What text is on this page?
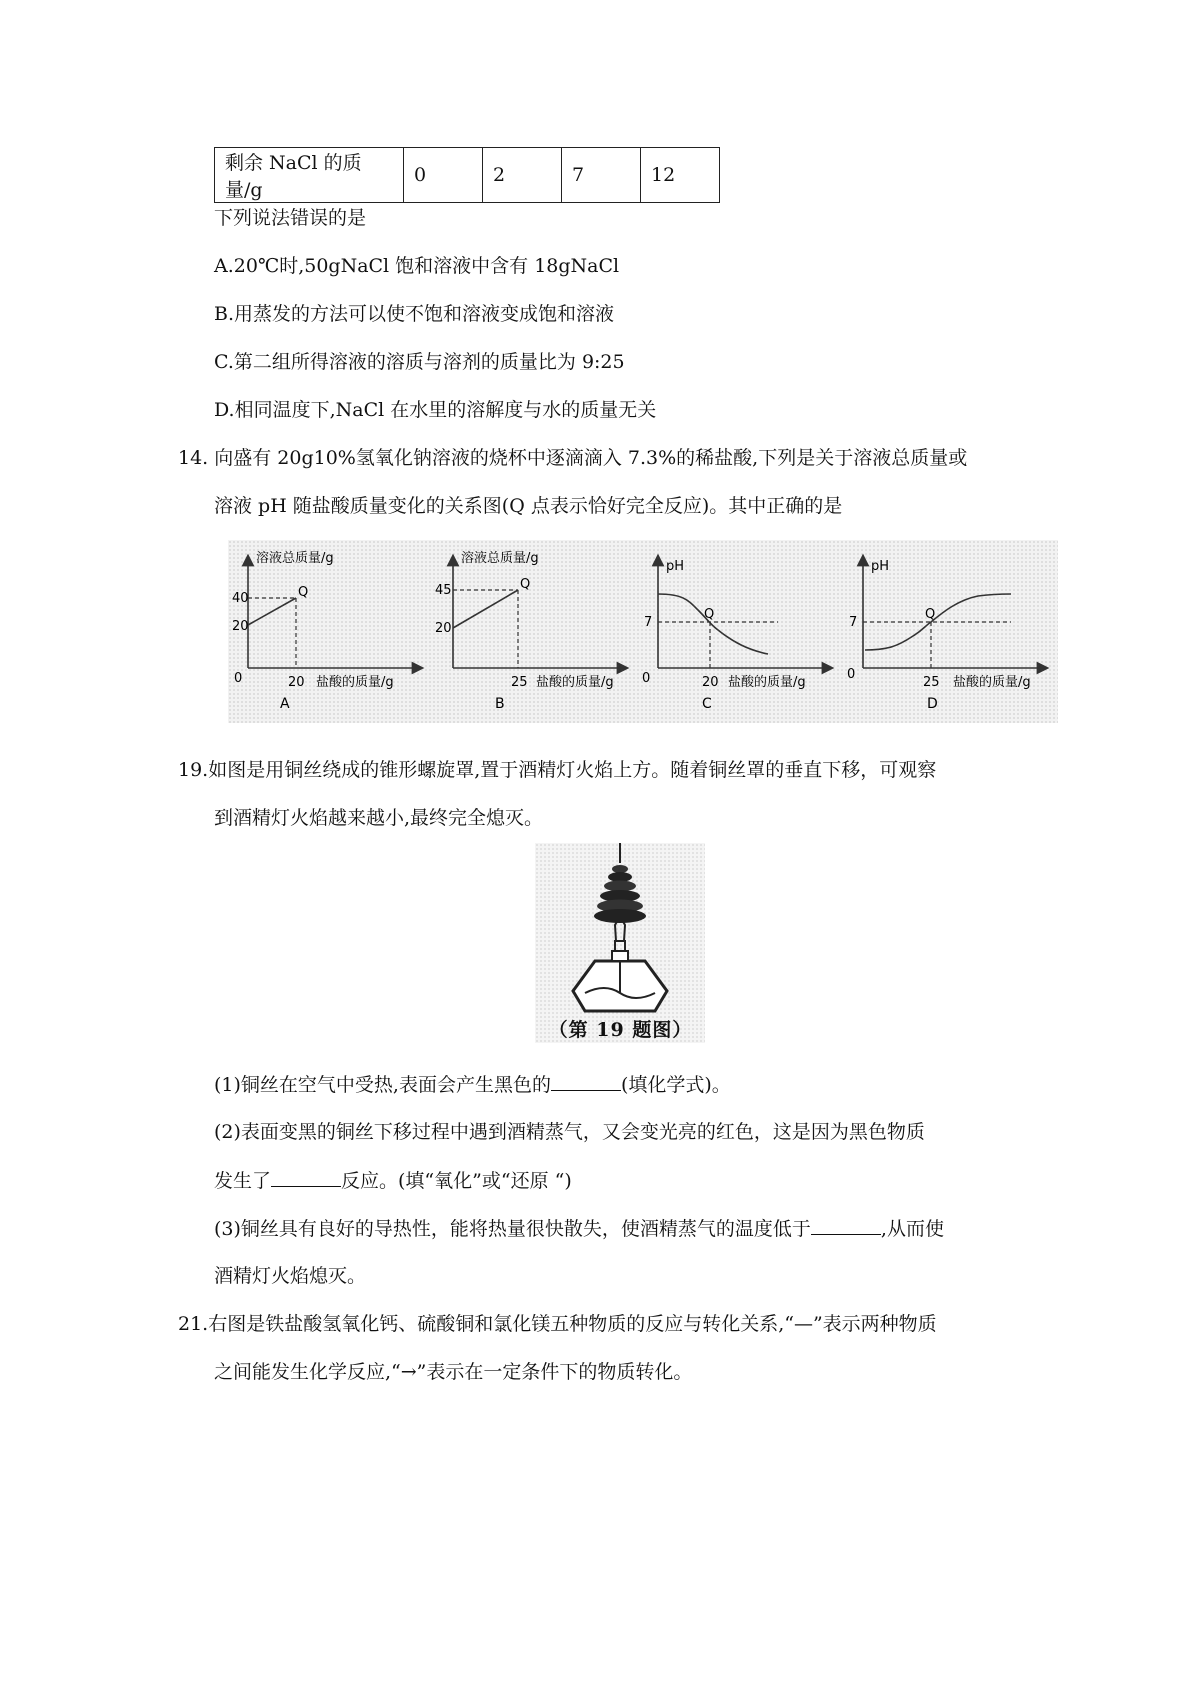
剩余 NaCl 的质量/g	0	2	7	12
下列说法错误的是
A.20℃时,50gNaCl 饱和溶液中含有 18gNaCl
B.用蒸发的方法可以使不饱和溶液变成饱和溶液
C.第二组所得溶液的溶质与溶剂的质量比为 9:25
D.相同温度下,NaCl 在水里的溶解度与水的质量无关
14. 向盛有 20g10%氢氧化钠溶液的烧杯中逐滴滴入 7.3%的稀盐酸,下列是关于溶液总质量或
溶液 pH 随盐酸质量变化的关系图(Q 点表示恰好完全反应)。其中正确的是
溶液总质量/g
40
20
0
Q
20 盐酸的质量/g
A
溶液总质量/g
45
20
Q
25 盐酸的质量/g
B
pH
7
0
Q
20 盐酸的质量/g
C
pH
7
0
Q
25 盐酸的质量/g
D
19.如图是用铜丝绕成的锥形螺旋罩,置于酒精灯火焰上方。随着铜丝罩的垂直下移，可观察
到酒精灯火焰越来越小,最终完全熄灭。
（第 19 题图）
(1)铜丝在空气中受热,表面会产生黑色的	(填化学式)。
(2)表面变黑的铜丝下移过程中遇到酒精蒸气，又会变光亮的红色，这是因为黑色物质
发生了	反应。(填“氧化”或“还原 “)
(3)铜丝具有良好的导热性，能将热量很快散失，使酒精蒸气的温度低于	,从而使
酒精灯火焰熄灭。
21.右图是铁盐酸氢氧化钙、硫酸铜和氯化镁五种物质的反应与转化关系,“—”表示两种物质
之间能发生化学反应,“→”表示在一定条件下的物质转化。
